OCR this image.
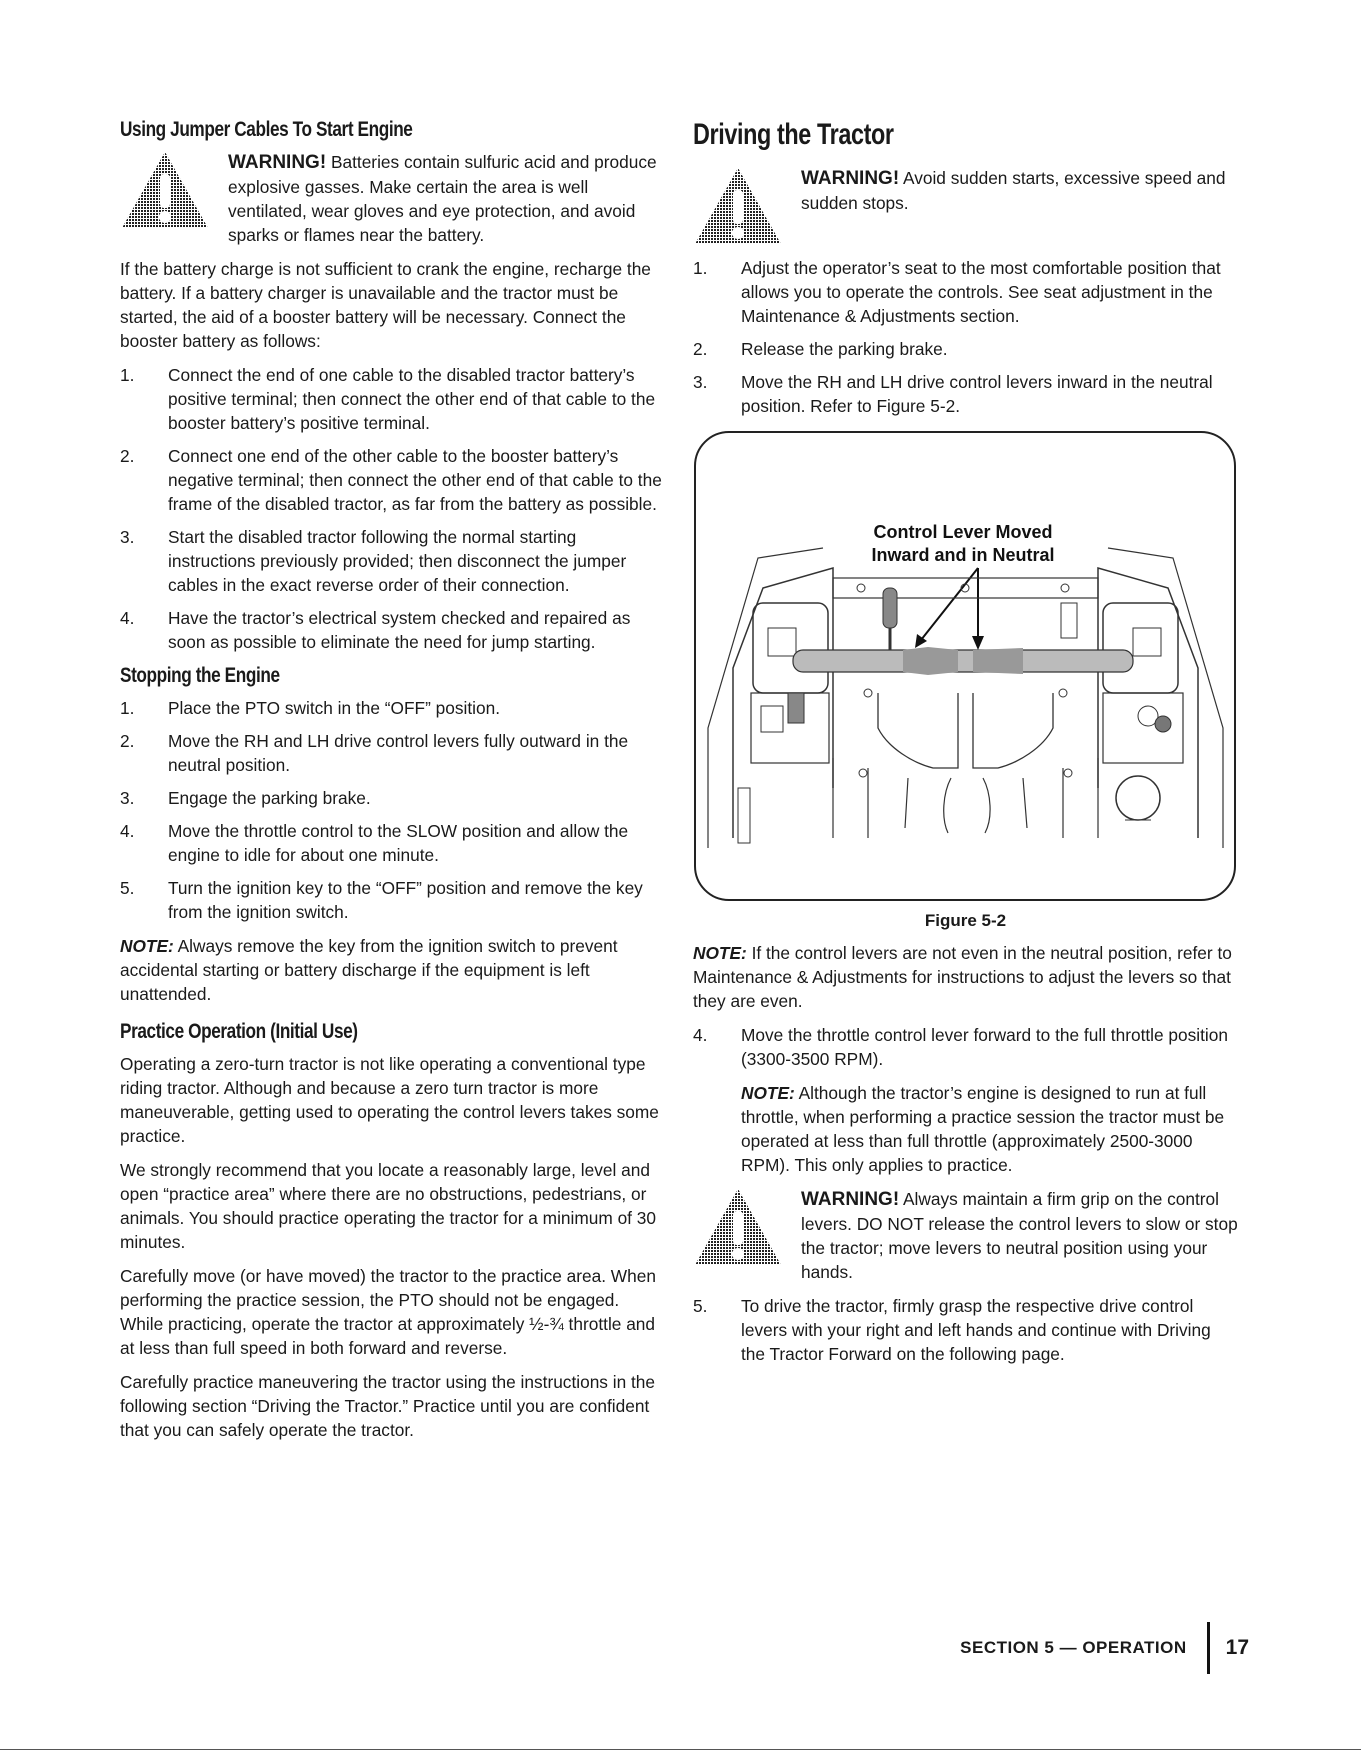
Using Jumper Cables To Start Engine
WARNING! Batteries contain sulfuric acid and produce explosive gasses. Make certain the area is well ventilated, wear gloves and eye protection, and avoid sparks or flames near the battery.

If the battery charge is not sufficient to crank the engine, recharge the battery. If a battery charger is unavailable and the tractor must be started, the aid of a booster battery will be necessary. Connect the booster battery as follows:

1.	Connect the end of one cable to the disabled tractor battery’s positive terminal; then connect the other end of that cable to the booster battery’s positive terminal.
2.	Connect one end of the other cable to the booster battery’s negative terminal; then connect the other end of that cable to the frame of the disabled tractor, as far from the battery as possible.
3.	Start the disabled tractor following the normal starting instructions previously provided; then disconnect the jumper cables in the exact reverse order of their connection.
4.	Have the tractor’s electrical system checked and repaired as soon as possible to eliminate the need for jump starting.
Stopping the Engine
1.	Place the PTO switch in the “OFF” position.
2.	Move the RH and LH drive control levers fully outward in the neutral position.
3.	Engage the parking brake.
4.	Move the throttle control to the SLOW position and allow the engine to idle for about one minute.
5.	Turn the ignition key to the “OFF” position and remove the key from the ignition switch.

NOTE: Always remove the key from the ignition switch to prevent accidental starting or battery discharge if the equipment is left unattended.

Practice Operation (Initial Use)

Operating a zero-turn tractor is not like operating a conventional type riding tractor. Although and because a zero turn tractor is more maneuverable, getting used to operating the control levers takes some practice.

We strongly recommend that you locate a reasonably large, level and open “practice area” where there are no obstructions, pedestrians, or animals. You should practice operating the tractor for a minimum of 30 minutes.

Carefully move (or have moved) the tractor to the practice area. When performing the practice session, the PTO should not be engaged. While practicing, operate the tractor at approximately ½-¾ throttle and at less than full speed in both forward and reverse.

Carefully practice maneuvering the tractor using the instructions in the following section “Driving the Tractor.” Practice until you are confident that you can safely operate the tractor.

Driving the Tractor
WARNING! Avoid sudden starts, excessive speed and sudden stops.
1.	Adjust the operator’s seat to the most comfortable position that allows you to operate the controls. See seat adjustment in the Maintenance & Adjustments section.
2.	Release the parking brake.
3.	Move the RH and LH drive control levers inward in the neutral position. Refer to Figure 5-2.
Control Lever Moved
Inward and in Neutral
Figure 5-2

NOTE: If the control levers are not even in the neutral position, refer to Maintenance & Adjustments for instructions to adjust the levers so that they are even.

4.	Move the throttle control lever forward to the full throttle position (3300-3500 RPM).

NOTE: Although the tractor’s engine is designed to run at full throttle, when performing a practice session the tractor must be operated at less than full throttle (approximately 2500-3000 RPM). This only applies to practice.

WARNING! Always maintain a firm grip on the control levers. DO NOT release the control levers to slow or stop the tractor; move levers to neutral position using your hands.
5.	To drive the tractor, firmly grasp the respective drive control levers with your right and left hands and continue with Driving the Tractor Forward on the following page.
SECTION 5 — OPERATION 17
